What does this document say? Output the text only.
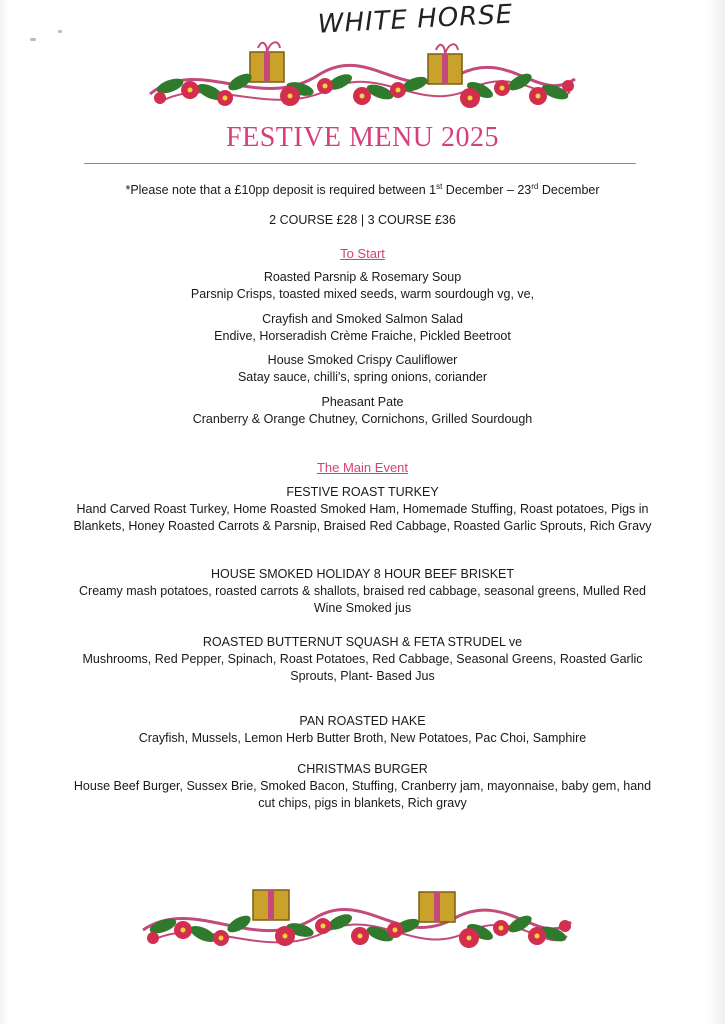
WHITE HORSE
FESTIVE MENU 2025
*Please note that a £10pp deposit is required between 1st December – 23rd December
2 COURSE £28 | 3 COURSE £36
To Start
Roasted Parsnip & Rosemary Soup
Parsnip Crisps, toasted mixed seeds, warm sourdough vg, ve,
Crayfish and Smoked Salmon Salad
Endive, Horseradish Crème Fraiche, Pickled Beetroot
House Smoked Crispy Cauliflower
Satay sauce, chilli's, spring onions, coriander
Pheasant Pate
Cranberry & Orange Chutney, Cornichons, Grilled Sourdough
The Main Event
FESTIVE ROAST TURKEY
Hand Carved Roast Turkey, Home Roasted Smoked Ham, Homemade Stuffing, Roast potatoes, Pigs in Blankets, Honey Roasted Carrots & Parsnip, Braised Red Cabbage, Roasted Garlic Sprouts, Rich Gravy
HOUSE SMOKED HOLIDAY 8 HOUR BEEF BRISKET
Creamy mash potatoes, roasted carrots & shallots, braised red cabbage, seasonal greens, Mulled Red Wine Smoked jus
ROASTED BUTTERNUT SQUASH & FETA STRUDEL ve
Mushrooms, Red Pepper, Spinach, Roast Potatoes, Red Cabbage, Seasonal Greens, Roasted Garlic Sprouts, Plant- Based Jus
PAN ROASTED HAKE
Crayfish, Mussels, Lemon Herb Butter Broth, New Potatoes, Pac Choi, Samphire
CHRISTMAS BURGER
House Beef Burger, Sussex Brie, Smoked Bacon, Stuffing, Cranberry jam, mayonnaise, baby gem, hand cut chips, pigs in blankets, Rich gravy
